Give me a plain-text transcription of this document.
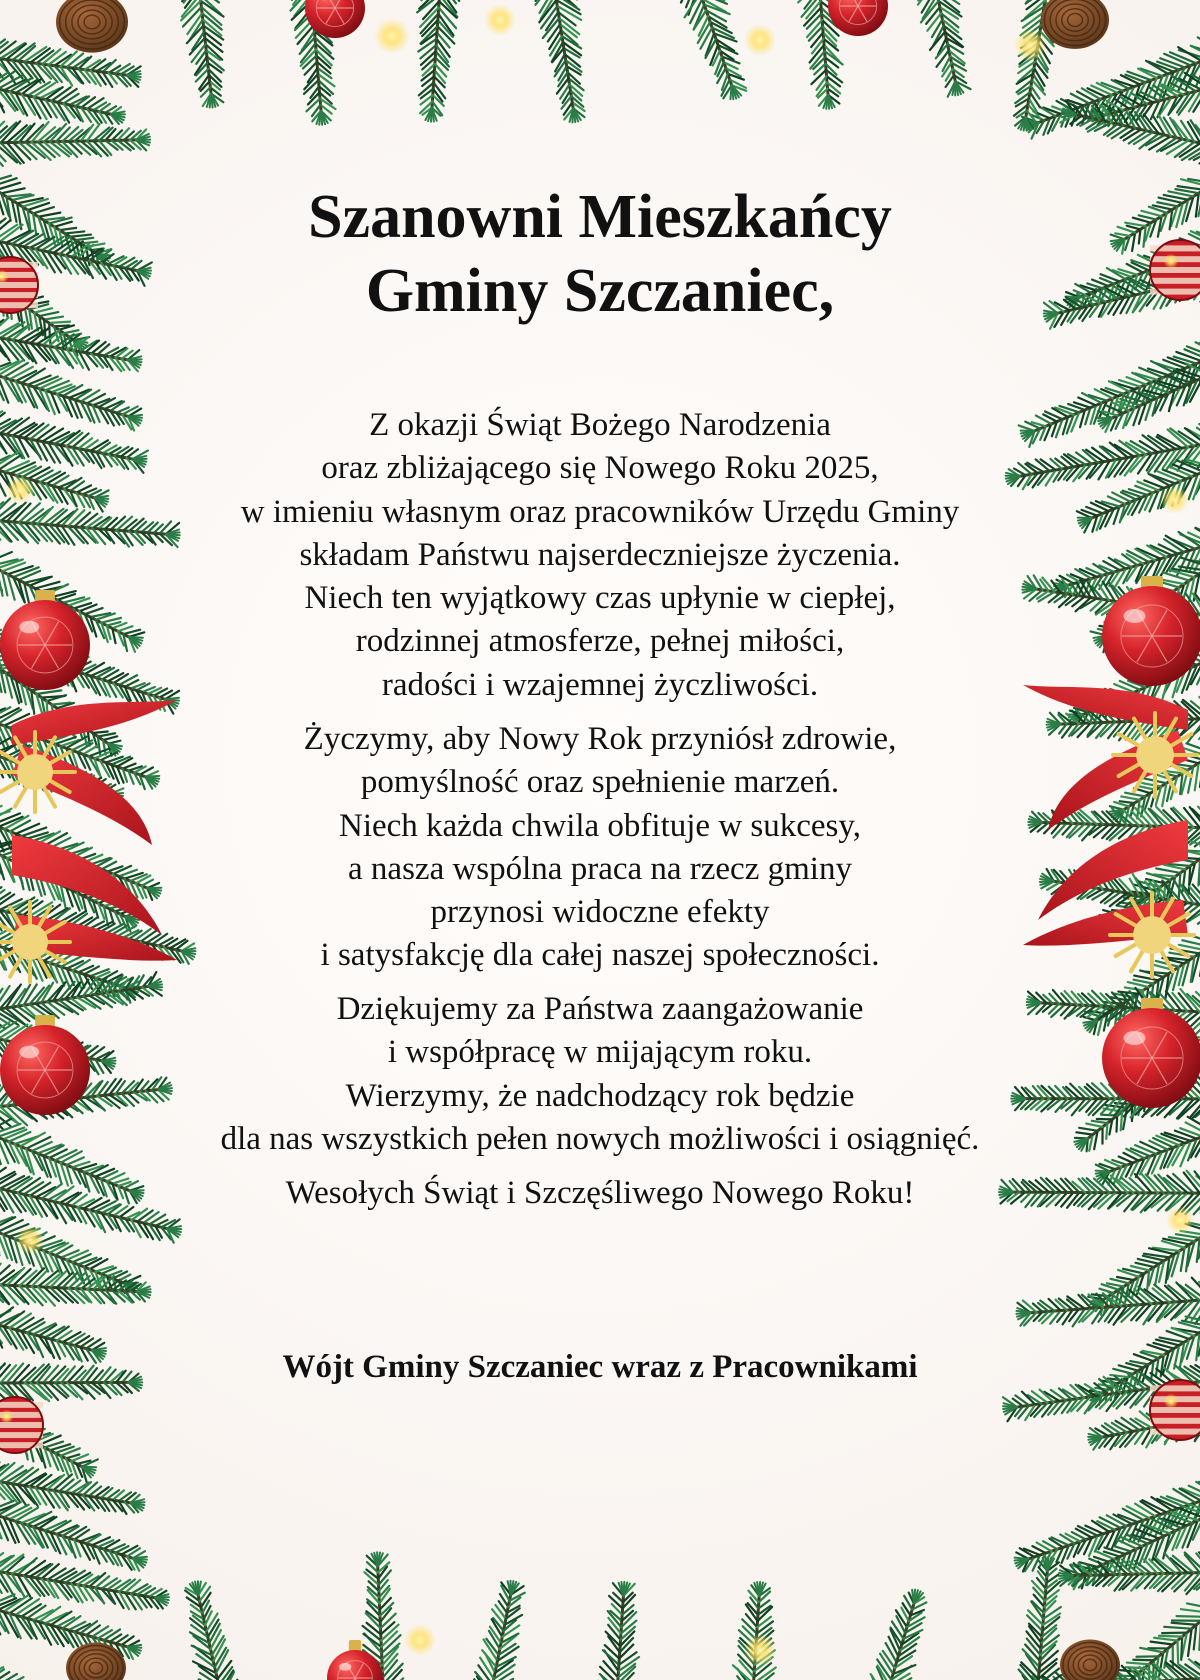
Szanowni Mieszkańcy
Gminy Szczaniec,

Z okazji Świąt Bożego Narodzenia
oraz zbliżającego się Nowego Roku 2025,
w imieniu własnym oraz pracowników Urzędu Gminy
składam Państwu najserdeczniejsze życzenia.
Niech ten wyjątkowy czas upłynie w ciepłej,
rodzinnej atmosferze, pełnej miłości,
radości i wzajemnej życzliwości.

Życzymy, aby Nowy Rok przyniósł zdrowie,
pomyślność oraz spełnienie marzeń.
Niech każda chwila obfituje w sukcesy,
a nasza wspólna praca na rzecz gminy
przynosi widoczne efekty
i satysfakcję dla całej naszej społeczności.

Dziękujemy za Państwa zaangażowanie
i współpracę w mijającym roku.
Wierzymy, że nadchodzący rok będzie
dla nas wszystkich pełen nowych możliwości i osiągnięć.

Wesołych Świąt i Szczęśliwego Nowego Roku!

Wójt Gminy Szczaniec wraz z Pracownikami
